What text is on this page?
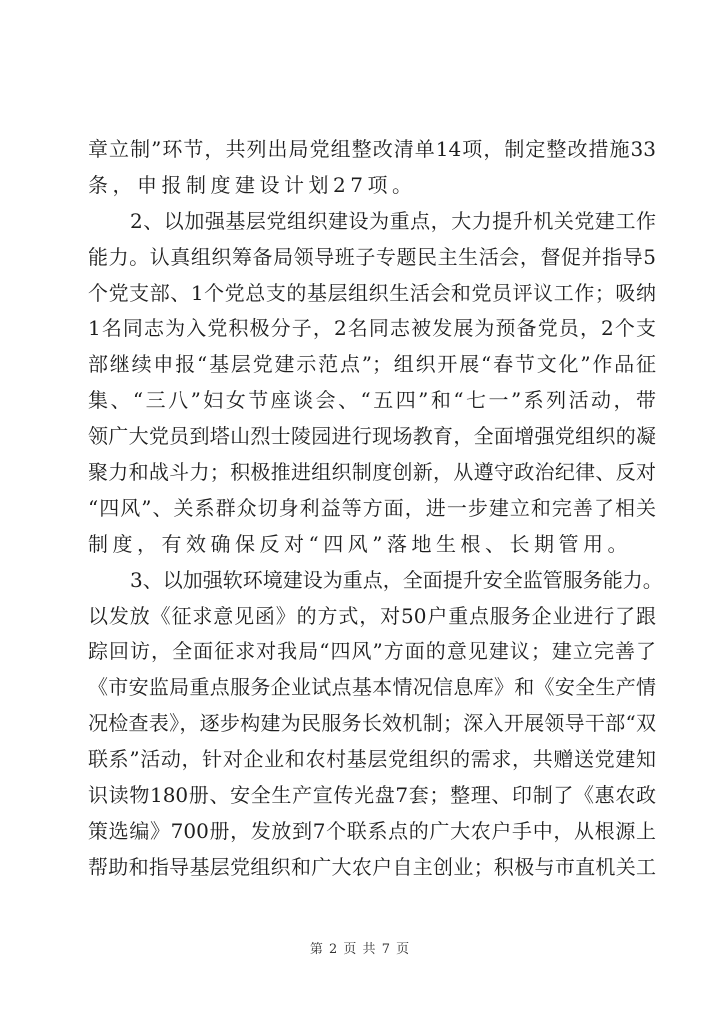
章立制”环节，共列出局党组整改清单14项，制定整改措施33
条，申报制度建设计划27项。
2、以加强基层党组织建设为重点，大力提升机关党建工作
能力。认真组织筹备局领导班子专题民主生活会，督促并指导5
个党支部、1个党总支的基层组织生活会和党员评议工作；吸纳
1名同志为入党积极分子，2名同志被发展为预备党员，2个支
部继续申报“基层党建示范点”；组织开展“春节文化”作品征
集、“三八”妇女节座谈会、“五四”和“七一”系列活动，带
领广大党员到塔山烈士陵园进行现场教育，全面增强党组织的凝
聚力和战斗力；积极推进组织制度创新，从遵守政治纪律、反对
“四风”、关系群众切身利益等方面，进一步建立和完善了相关
制度，有效确保反对“四风”落地生根、长期管用。
3、以加强软环境建设为重点，全面提升安全监管服务能力。
以发放《征求意见函》的方式，对50户重点服务企业进行了跟
踪回访，全面征求对我局“四风”方面的意见建议；建立完善了
《市安监局重点服务企业试点基本情况信息库》和《安全生产情
况检查表》，逐步构建为民服务长效机制；深入开展领导干部“双
联系”活动，针对企业和农村基层党组织的需求，共赠送党建知
识读物180册、安全生产宣传光盘7套；整理、印制了《惠农政
策选编》700册，发放到7个联系点的广大农户手中，从根源上
帮助和指导基层党组织和广大农户自主创业；积极与市直机关工
第 2 页 共 7 页
